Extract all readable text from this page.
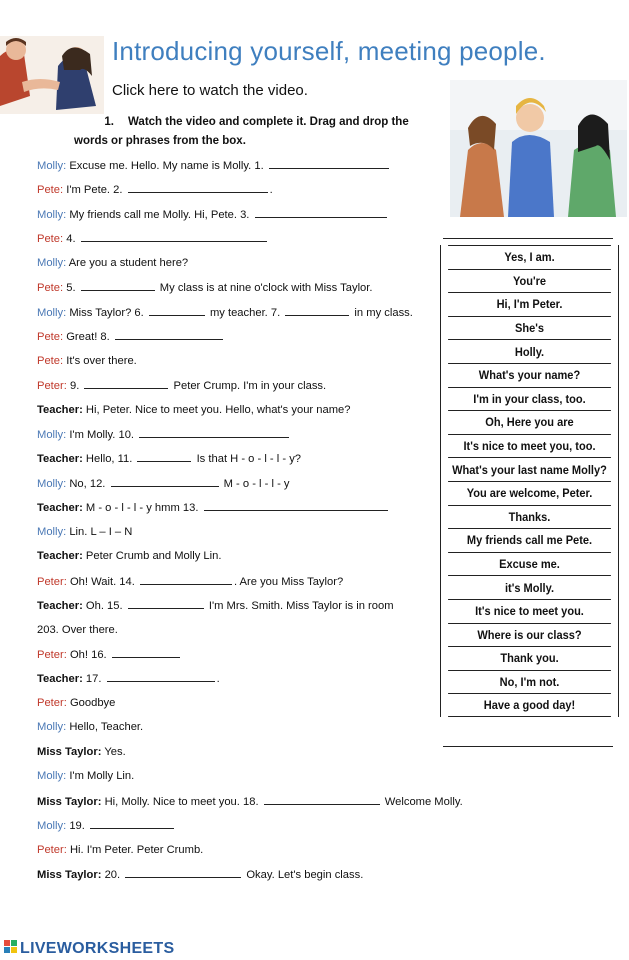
Introducing yourself, meeting people.
Click here to watch the video.
1. Watch the video and complete it. Drag and drop the words or phrases from the box.
Molly: Excuse me. Hello. My name is Molly. 1.
Pete: I'm Pete. 2.	.
Molly: My friends call me Molly. Hi, Pete. 3.
Pete: 4.
Molly: Are you a student here?
Pete: 5.	My class is at nine o'clock with Miss Taylor.
Molly: Miss Taylor? 6.	my teacher. 7.	in my class.
Pete: Great! 8.
Pete: It's over there.
Peter: 9.	Peter Crump. I'm in your class.
Teacher: Hi, Peter. Nice to meet you. Hello, what's your name?
Molly: I'm Molly. 10.
Teacher: Hello, 11.	Is that H - o - l - l - y?
Molly: No, 12.	M - o - l - l - y
Teacher: M - o - l - l - y hmm 13.
Molly: Lin. L – I – N
Teacher: Peter Crumb and Molly Lin.
Peter: Oh! Wait. 14.	. Are you Miss Taylor?
Teacher: Oh. 15.	I'm Mrs. Smith. Miss Taylor is in room
203. Over there.
Peter: Oh! 16.
Teacher: 17.	.
Peter: Goodbye
Molly: Hello, Teacher.
Miss Taylor: Yes.
Molly: I'm Molly Lin.
Miss Taylor: Hi, Molly. Nice to meet you. 18.	Welcome Molly.
Molly: 19.
Peter: Hi. I'm Peter. Peter Crumb.
Miss Taylor: 20.	Okay. Let's begin class.
Yes, I am.
You're
Hi, I'm Peter.
She's
Holly.
What's your name?
I'm in your class, too.
Oh, Here you are
It's nice to meet you, too.
What's your last name Molly?
You are welcome, Peter.
Thanks.
My friends call me Pete.
Excuse me.
it's Molly.
It's nice to meet you.
Where is our class?
Thank you.
No, I'm not.
Have a good day!
LIVEWORKSHEETS
